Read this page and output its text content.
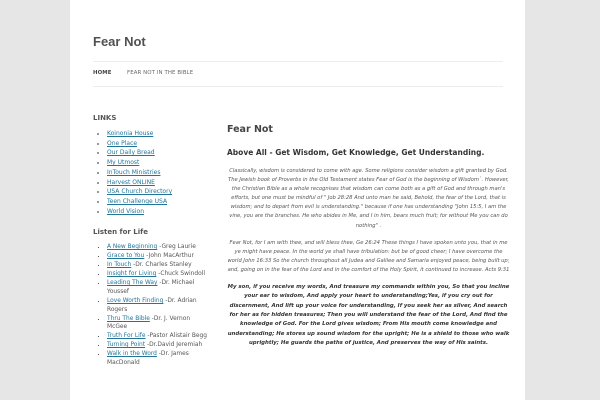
Fear Not
HOME	FEAR NOT IN THE BIBLE
LINKS
▪ Koinonia House
▪ One Place
▪ Our Daily Bread
▪ My Utmost
▪ InTouch Ministries
▪ Harvest ONLINE
▪ USA Church Directory
▪ Teen Challenge USA
▪ World Vision
Listen for Life
▪ A New Beginning -Greg Laurie
▪ Grace to You -John MacArthur
▪ In Touch -Dr. Charles Stanley
▪ Insight for Living -Chuck Swindoll
▪ Leading The Way -Dr. Michael Youssef
▪ Love Worth Finding -Dr. Adrian Rogers
▪ Thru The Bible -Dr. J. Vernon McGee
▪ Truth For Life -Pastor Alistair Begg
▪ Turning Point -Dr.David Jeremiah
▪ Walk in the Word -Dr. James MacDonald
Fear Not
Above All - Get Wisdom, Get Knowledge, Get Understanding.

Classically, wisdom is considered to come with age. Some religions consider wisdom a gift granted by God. The Jewish book of Proverbs in the Old Testament states Fear of God is the beginning of Wisdom`. However, the Christian Bible as a whole recognises that wisdom can come both as a gift of God and through man's efforts, but one must be mindful of " Job 28:28 And unto man he said, Behold, the fear of the Lord, that is wisdom; and to depart from evil is understanding." because if one has understanding "John 15:5, I am the vine, you are the branches. He who abides in Me, and I in him, bears much fruit; for without Me you can do nothing" .

Fear Not, for I am with thee, and will bless thee, Ge 26:24 These things I have spoken unto you, that in me ye might have peace. In the world ye shall have tribulation: but be of good cheer; I have overcome the world John 16:33 So the church throughout all Judea and Galilee and Samaria enjoyed peace, being built up; and, going on in the fear of the Lord and in the comfort of the Holy Spirit, it continued to increase. Acts 9:31

My son, if you receive my words, And treasure my commands within you, So that you incline your ear to wisdom, And apply your heart to understanding;Yes, if you cry out for discernment, And lift up your voice for understanding, If you seek her as silver, And search for her as for hidden treasures; Then you will understand the fear of the Lord, And find the knowledge of God. For the Lord gives wisdom; From His mouth come knowledge and understanding; He stores up sound wisdom for the upright; He is a shield to those who walk uprightly; He guards the paths of justice, And preserves the way of His saints.
